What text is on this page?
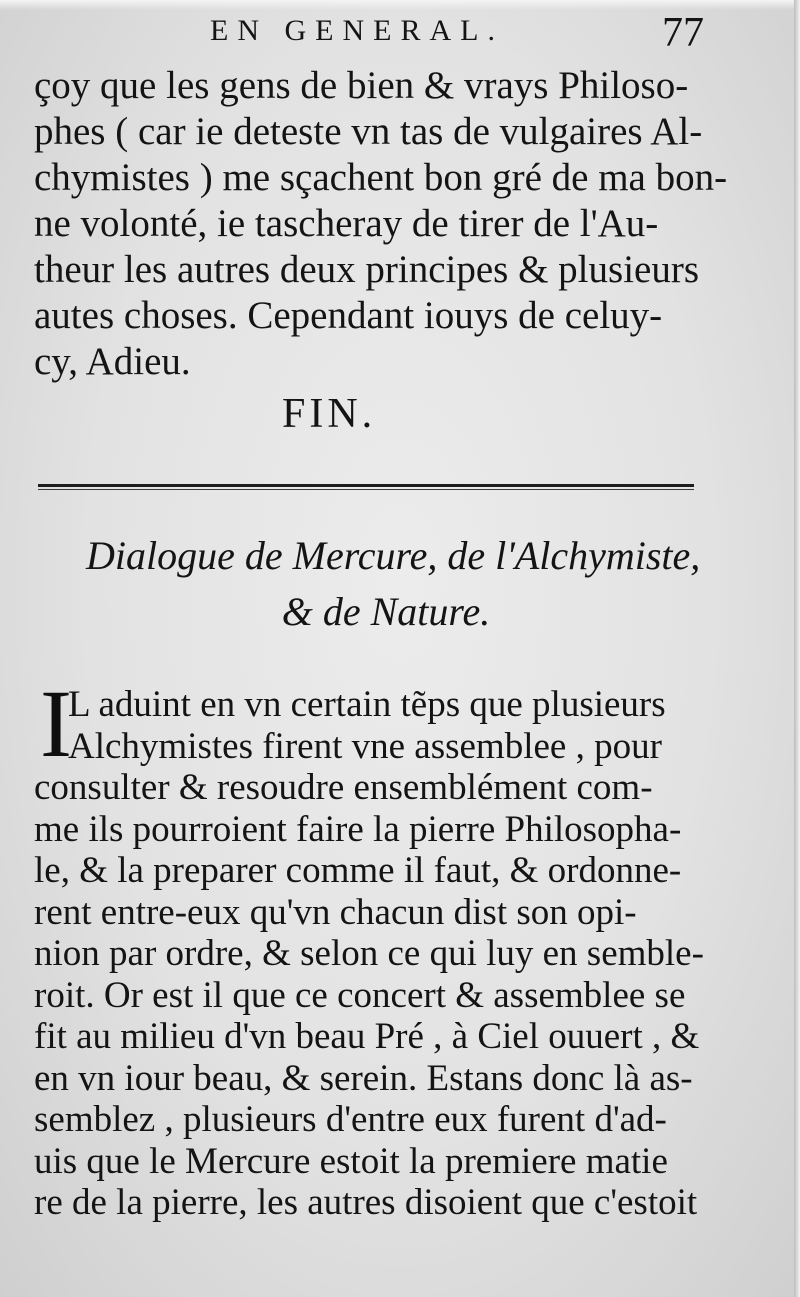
EN GENERAL.	77
çoy que les gens de bien & vrays Philoso-
phes ( car ie deteste vn tas de vulgaires Al-
chymistes ) me sçachent bon gré de ma bon-
ne volonté, ie tascheray de tirer de l'Au-
theur les autres deux principes & plusieurs
autes choses. Cependant iouys de celuy-
cy, Adieu.
FIN.
Dialogue de Mercure, de l'Alchymiste,
& de Nature.
I
L aduint en vn certain tẽps que plusieurs
Alchymistes firent vne assemblee , pour
consulter & resoudre ensemblément com-
me ils pourroient faire la pierre Philosopha-
le, & la preparer comme il faut, & ordonne-
rent entre-eux qu'vn chacun dist son opi-
nion par ordre, & selon ce qui luy en semble-
roit. Or est il que ce concert & assemblee se
fit au milieu d'vn beau Pré , à Ciel ouuert , &
en vn iour beau, & serein. Estans donc là as-
semblez , plusieurs d'entre eux furent d'ad-
uis que le Mercure estoit la premiere matie
re de la pierre, les autres disoient que c'estoit
